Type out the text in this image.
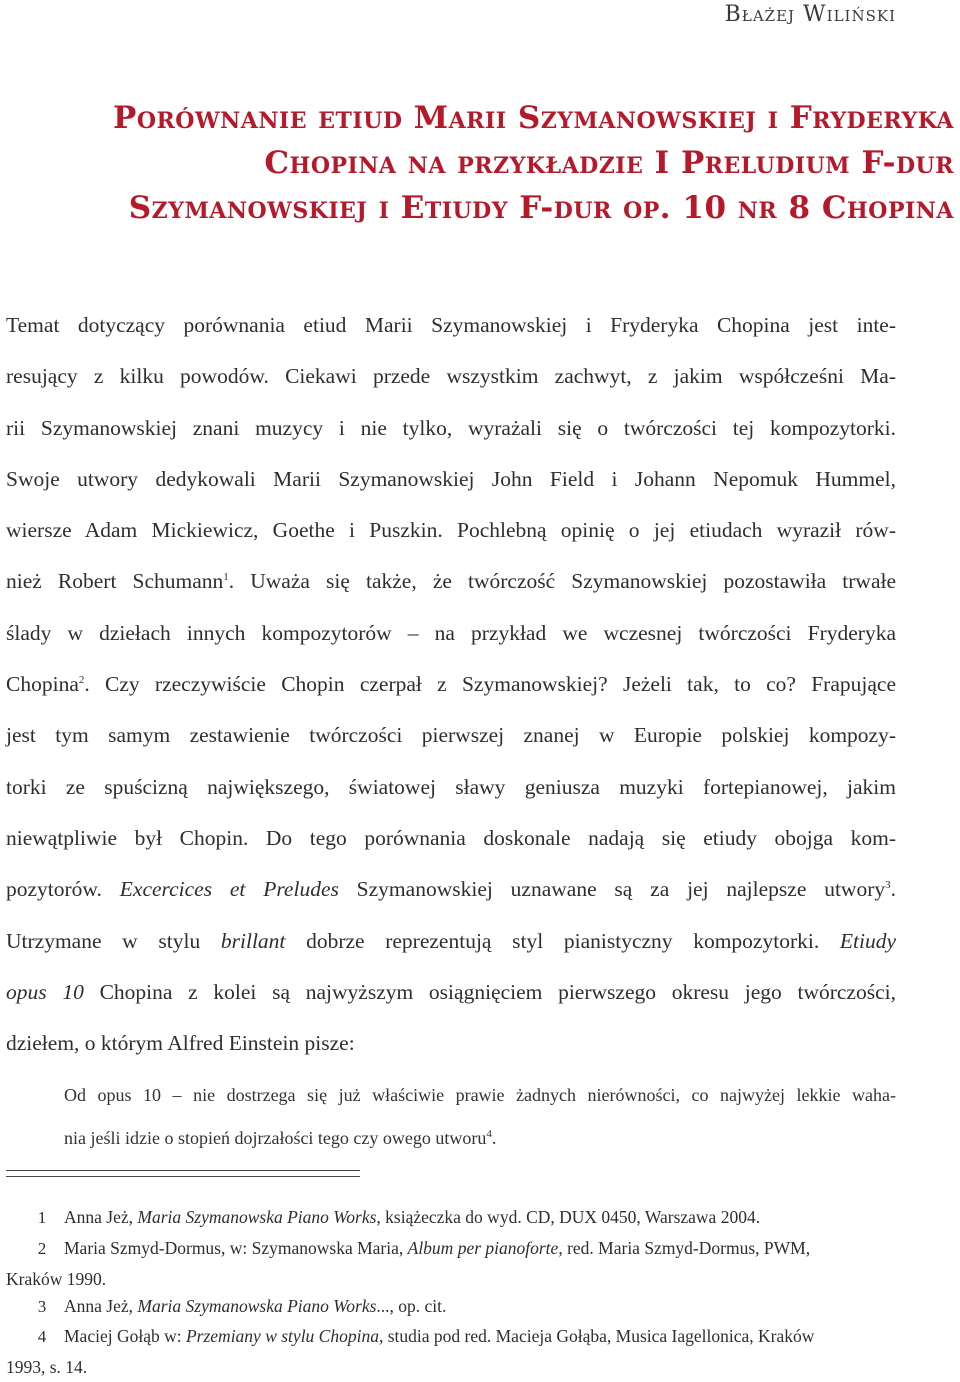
Błażej Wiliński
Porównanie etiud Marii Szymanowskiej i Fryderyka
Chopina na przykładzie I Preludium F-dur
Szymanowskiej i Etiudy F-dur op. 10 nr 8 Chopina
Temat dotyczący porównania etiud Marii Szymanowskiej i Fryderyka Chopina jest inte-
resujący z kilku powodów. Ciekawi przede wszystkim zachwyt, z jakim współcześni Ma-
rii Szymanowskiej znani muzycy i nie tylko, wyrażali się o twórczości tej kompozytorki.
Swoje utwory dedykowali Marii Szymanowskiej John Field i Johann Nepomuk Hummel,
wiersze Adam Mickiewicz, Goethe i Puszkin. Pochlebną opinię o jej etiudach wyraził rów-
nież Robert Schumann$^1$. Uważa się także, że twórczość Szymanowskiej pozostawiła trwałe
ślady w dziełach innych kompozytorów – na przykład we wczesnej twórczości Fryderyka
Chopina$^2$. Czy rzeczywiście Chopin czerpał z Szymanowskiej? Jeżeli tak, to co? Frapujące
jest tym samym zestawienie twórczości pierwszej znanej w Europie polskiej kompozy-
torki ze spuścizną największego, światowej sławy geniusza muzyki fortepianowej, jakim
niewątpliwie był Chopin. Do tego porównania doskonale nadają się etiudy obojga kom-
pozytorów. Excercices et Preludes Szymanowskiej uznawane są za jej najlepsze utwory$^3$.
Utrzymane w stylu brillant dobrze reprezentują styl pianistyczny kompozytorki. Etiudy
opus 10 Chopina z kolei są najwyższym osiągnięciem pierwszego okresu jego twórczości,
dziełem, o którym Alfred Einstein pisze:
Od opus 10 – nie dostrzega się już właściwie prawie żadnych nierówności, co najwyżej lekkie waha-
nia jeśli idzie o stopień dojrzałości tego czy owego utworu$^4$.
1 Anna Jeż, Maria Szymanowska Piano Works, książeczka do wyd. CD, DUX 0450, Warszawa 2004.
2 Maria Szmyd-Dormus, w: Szymanowska Maria, Album per pianoforte, red. Maria Szmyd-Dormus, PWM,
Kraków 1990.
3 Anna Jeż, Maria Szymanowska Piano Works..., op. cit.
4 Maciej Gołąb w: Przemiany w stylu Chopina, studia pod red. Macieja Gołąba, Musica Iagellonica, Kraków
1993, s. 14.
